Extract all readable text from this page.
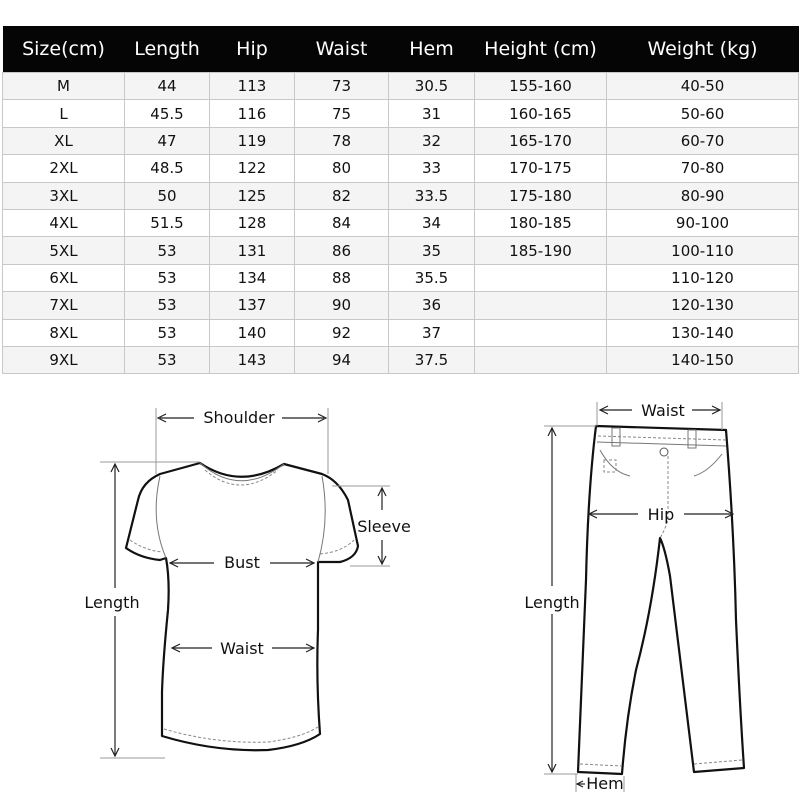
Size(cm)	Length	Hip	Waist	Hem	Height (cm)	Weight (kg)
M	44	113	73	30.5	155-160	40-50
L	45.5	116	75	31	160-165	50-60
XL	47	119	78	32	165-170	60-70
2XL	48.5	122	80	33	170-175	70-80
3XL	50	125	82	33.5	175-180	80-90
4XL	51.5	128	84	34	180-185	90-100
5XL	53	131	86	35	185-190	100-110
6XL	53	134	88	35.5		110-120
7XL	53	137	90	36		120-130
8XL	53	140	92	37		130-140
9XL	53	143	94	37.5		140-150
Shoulder
Length
Sleeve
Bust
Waist
Waist
Hip
Length
Hem
